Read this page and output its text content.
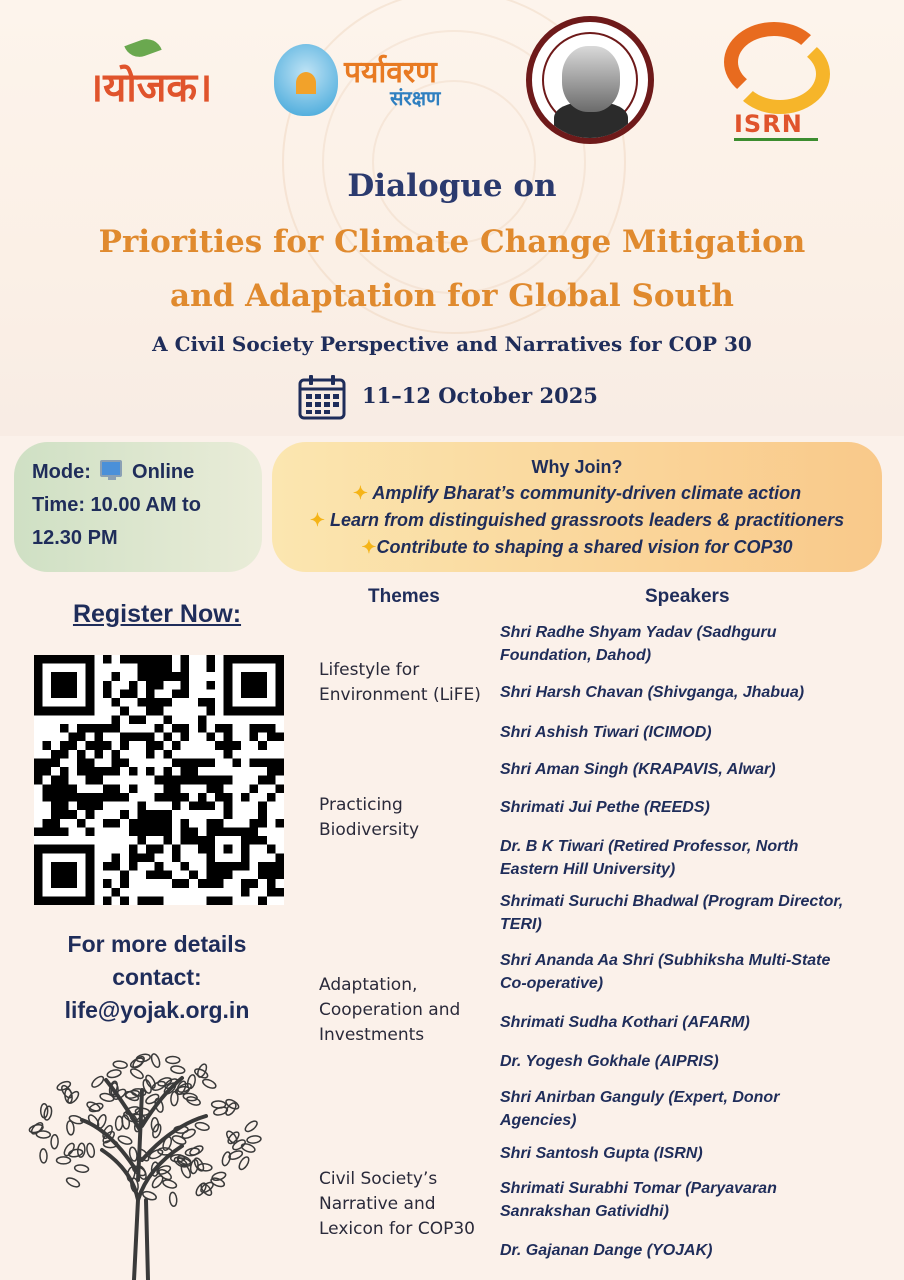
।योजक।	पर्यावरण
संरक्षण
ISRN
Dialogue on
Priorities for Climate Change Mitigation
and Adaptation for Global South
A Civil Society Perspective and Narratives for COP 30
11–12 October 2025
Mode: Online
Time: 10.00 AM to
12.30 PM
Why Join?
✦ Amplify Bharat’s community-driven climate action
✦ Learn from distinguished grassroots leaders & practitioners
✦Contribute to shaping a shared vision for COP30
Register Now:
For more details
contact:
life@yojak.org.in
Themes	Speakers
Lifestyle for
Environment (LiFE)
Practicing
Biodiversity
Adaptation,
Cooperation and
Investments
Civil Society’s
Narrative and
Lexicon for COP30
Shri Radhe Shyam Yadav (Sadhguru
Foundation, Dahod)
Shri Harsh Chavan (Shivganga, Jhabua)
Shri Ashish Tiwari (ICIMOD)
Shri Aman Singh (KRAPAVIS, Alwar)
Shrimati Jui Pethe (REEDS)
Dr. B K Tiwari (Retired Professor, North
Eastern Hill University)
Shrimati Suruchi Bhadwal (Program Director,
TERI)
Shri Ananda Aa Shri (Subhiksha Multi-State
Co-operative)
Shrimati Sudha Kothari (AFARM)
Dr. Yogesh Gokhale (AIPRIS)
Shri Anirban Ganguly (Expert, Donor
Agencies)
Shri Santosh Gupta (ISRN)
Shrimati Surabhi Tomar (Paryavaran
Sanrakshan Gatividhi)
Dr. Gajanan Dange (YOJAK)
